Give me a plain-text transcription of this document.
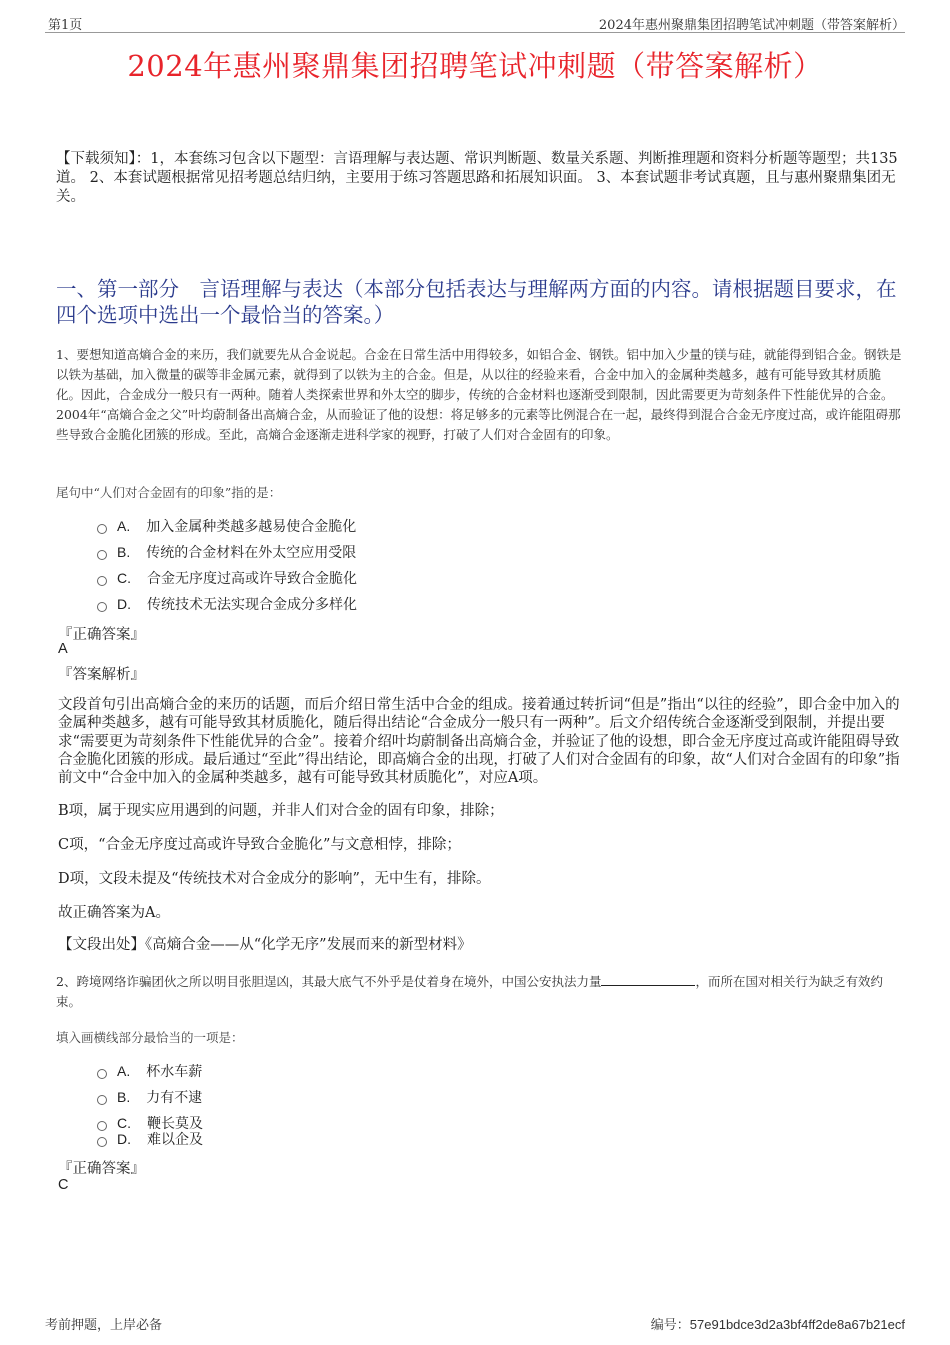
第1页	2024年惠州聚鼎集团招聘笔试冲刺题（带答案解析）
2024年惠州聚鼎集团招聘笔试冲刺题（带答案解析）
【下载须知】：1，本套练习包含以下题型：言语理解与表达题、常识判断题、数量关系题、判断推理题和资料分析题等题型；共135道。 2、本套试题根据常见招考题总结归纳，主要用于练习答题思路和拓展知识面。 3、本套试题非考试真题，且与惠州聚鼎集团无关。
一、第一部分　言语理解与表达（本部分包括表达与理解两方面的内容。请根据题目要求，在四个选项中选出一个最恰当的答案。）
1、要想知道高熵合金的来历，我们就要先从合金说起。合金在日常生活中用得较多，如铝合金、钢铁。铝中加入少量的镁与硅，就能得到铝合金。钢铁是以铁为基础，加入微量的碳等非金属元素，就得到了以铁为主的合金。但是，从以往的经验来看，合金中加入的金属种类越多，越有可能导致其材质脆化。因此，合金成分一般只有一两种。随着人类探索世界和外太空的脚步，传统的合金材料也逐渐受到限制，因此需要更为苛刻条件下性能优异的合金。2004年“高熵合金之父”叶均蔚制备出高熵合金，从而验证了他的设想：将足够多的元素等比例混合在一起，最终得到混合合金无序度过高，或许能阻碍那些导致合金脆化团簇的形成。至此，高熵合金逐渐走进科学家的视野，打破了人们对合金固有的印象。
尾句中“人们对合金固有的印象”指的是：
A. 加入金属种类越多越易使合金脆化
B. 传统的合金材料在外太空应用受限
C. 合金无序度过高或许导致合金脆化
D. 传统技术无法实现合金成分多样化
『正确答案』
A
『答案解析』
文段首句引出高熵合金的来历的话题，而后介绍日常生活中合金的组成。接着通过转折词“但是”指出“以往的经验”，即合金中加入的金属种类越多，越有可能导致其材质脆化，随后得出结论“合金成分一般只有一两种”。后文介绍传统合金逐渐受到限制，并提出要求“需要更为苛刻条件下性能优异的合金”。接着介绍叶均蔚制备出高熵合金，并验证了他的设想，即合金无序度过高或许能阻碍导致合金脆化团簇的形成。最后通过“至此”得出结论，即高熵合金的出现，打破了人们对合金固有的印象，故“人们对合金固有的印象”指前文中“合金中加入的金属种类越多，越有可能导致其材质脆化”，对应A项。
B项，属于现实应用遇到的问题，并非人们对合金的固有印象，排除；
C项，“合金无序度过高或许导致合金脆化”与文意相悖，排除；
D项，文段未提及“传统技术对合金成分的影响”，无中生有，排除。
故正确答案为A。
【文段出处】《高熵合金——从“化学无序”发展而来的新型材料》
2、跨境网络诈骗团伙之所以明目张胆逞凶，其最大底气不外乎是仗着身在境外，中国公安执法力量	，而所在国对相关行为缺乏有效约束。
填入画横线部分最恰当的一项是：
A. 杯水车薪
B. 力有不逮
C. 鞭长莫及
D. 难以企及
『正确答案』
C
考前押题，上岸必备	编号：57e91bdce3d2a3bf4ff2de8a67b21ecf
